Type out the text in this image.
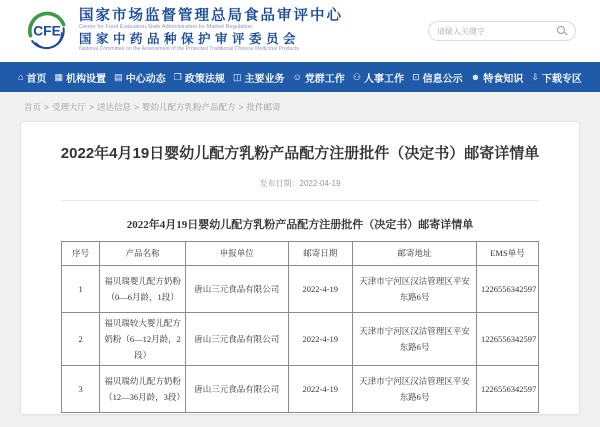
CFE
国家市场监督管理总局食品审评中心
Center for Food Evaluation,State Administration for Market Regulation
国家中药品种保护审评委员会
National Committee on the Assessment of the Protected Traditional Chinese Medicinal Products
请输入关键字
⌂ 首页 ▦ 机构设置 ▤ 中心动态 ❐ 政策法规 ◫ 主要业务 ☺ 党群工作 ⚇ 人事工作 ⊡ 信息公示 ☻ 特食知识 ⇩ 下载专区
首页 > 受理大厅 > 送达信息 > 婴幼儿配方乳粉产品配方 > 批件邮寄
2022年4月19日婴幼儿配方乳粉产品配方注册批件（决定书）邮寄详情单
发布日期：2022-04-19
2022年4月19日婴幼儿配方乳粉产品配方注册批件（决定书）邮寄详情单
序号	产品名称	申报单位	邮寄日期	邮寄地址	EMS单号
1	福贝瑞婴儿配方奶粉（0—6月龄，1段）	唐山三元食品有限公司	2022-4-19	天津市宁河区汉沽管理区平安东路6号	1226556342597
2	福贝瑞较大婴儿配方奶粉（6—12月龄，2段）	唐山三元食品有限公司	2022-4-19	天津市宁河区汉沽管理区平安东路6号	1226556342597
3	福贝瑞幼儿配方奶粉（12—36月龄，3段）	唐山三元食品有限公司	2022-4-19	天津市宁河区汉沽管理区平安东路6号	1226556342597
